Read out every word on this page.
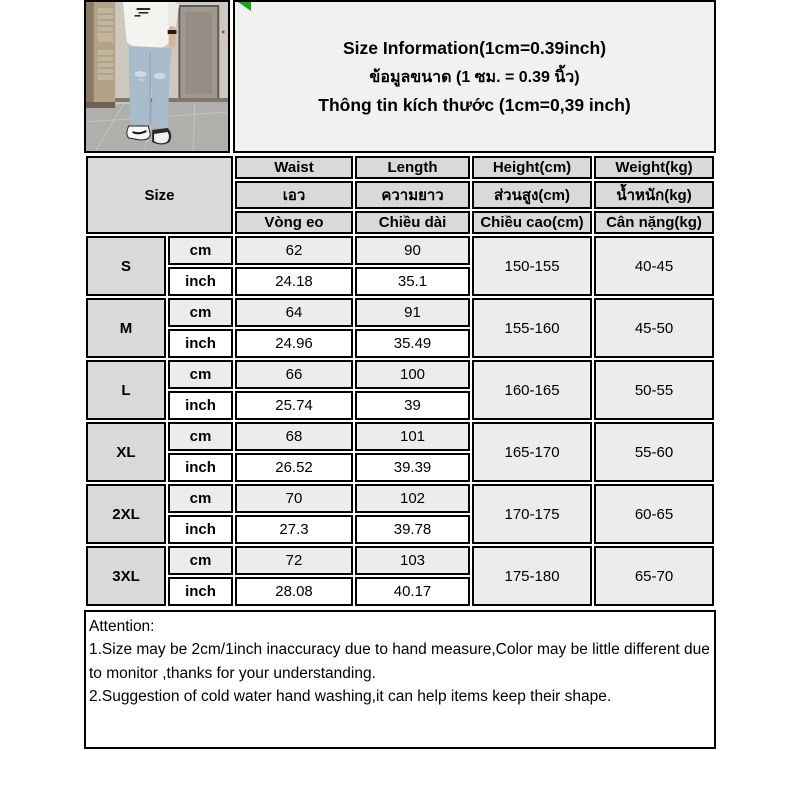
Size Information(1cm=0.39inch)
ข้อมูลขนาด (1 ซม. = 0.39 นิ้ว)
Thông tin kích thước (1cm=0,39 inch)
Size		Waist	Length	Height(cm)	Weight(kg)
		เอว	ความยาว	ส่วนสูง(cm)	น้ำหนัก(kg)
		Vòng eo	Chiều dài	Chiều cao(cm)	Cân nặng(kg)
S	cm	62	90	150-155	40-45
	inch	24.18	35.1		
M	cm	64	91	155-160	45-50
	inch	24.96	35.49		
L	cm	66	100	160-165	50-55
	inch	25.74	39		
XL	cm	68	101	165-170	55-60
	inch	26.52	39.39		
2XL	cm	70	102	170-175	60-65
	inch	27.3	39.78		
3XL	cm	72	103	175-180	65-70
	inch	28.08	40.17		
Attention:
1.Size may be 2cm/1inch inaccuracy due to hand measure,Color may be little different due to monitor ,thanks for your understanding.
2.Suggestion of cold water hand washing,it can help items keep their shape.
